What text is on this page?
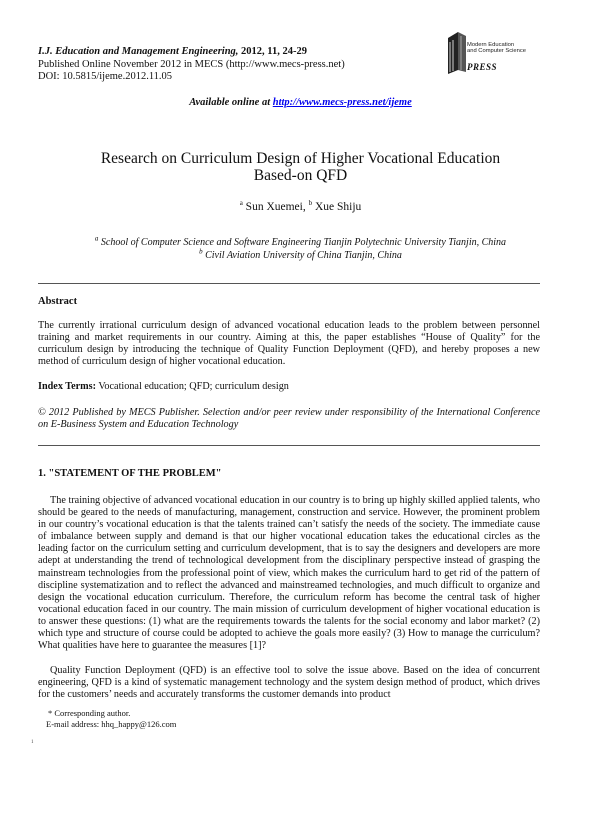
I.J. Education and Management Engineering, 2012, 11, 24-29
Published Online November 2012 in MECS (http://www.mecs-press.net)
DOI: 10.5815/ijeme.2012.11.05
Modern Education
and Computer Science
PRESS
Available online at http://www.mecs-press.net/ijeme
Research on Curriculum Design of Higher Vocational Education
Based-on QFD
$^a$ Sun Xuemei, $^b$ Xue Shiju
$^a$ School of Computer Science and Software Engineering Tianjin Polytechnic University Tianjin, China
$^b$ Civil Aviation University of China Tianjin, China
Abstract
The currently irrational curriculum design of advanced vocational education leads to the problem between personnel training and market requirements in our country. Aiming at this, the paper establishes “House of Quality” for the curriculum design by introducing the technique of Quality Function Deployment (QFD), and hereby proposes a new method of curriculum design of higher vocational education.
Index Terms: Vocational education; QFD; curriculum design
© 2012 Published by MECS Publisher. Selection and/or peer review under responsibility of the International Conference on E-Business System and Education Technology
1. "STATEMENT OF THE PROBLEM"
The training objective of advanced vocational education in our country is to bring up highly skilled applied talents, who should be geared to the needs of manufacturing, management, construction and service. However, the prominent problem in our country’s vocational education is that the talents trained can’t satisfy the needs of the society. The immediate cause of imbalance between supply and demand is that our higher vocational education takes the educational circles as the leading factor on the curriculum setting and curriculum development, that is to say the designers and developers are more adept at understanding the trend of technological development from the disciplinary perspective instead of grasping the mainstream technologies from the professional point of view, which makes the curriculum hard to get rid of the pattern of discipline systematization and to reflect the advanced and mainstreamed technologies, and much difficult to organize and design the vocational education curriculum. Therefore, the curriculum reform has become the central task of higher vocational education faced in our country. The main mission of curriculum development of higher vocational education is to answer these questions: (1) what are the requirements towards the talents for the social economy and labor market? (2) which type and structure of course could be adopted to achieve the goals more easily? (3) How to manage the curriculum? What qualities have here to guarantee the measures [1]?
Quality Function Deployment (QFD) is an effective tool to solve the issue above. Based on the idea of concurrent engineering, QFD is a kind of systematic management technology and the system design method of product, which drives for the customers’ needs and accurately transforms the customer demands into product
* Corresponding author.
E-mail address: hhq_happy@126.com
1
